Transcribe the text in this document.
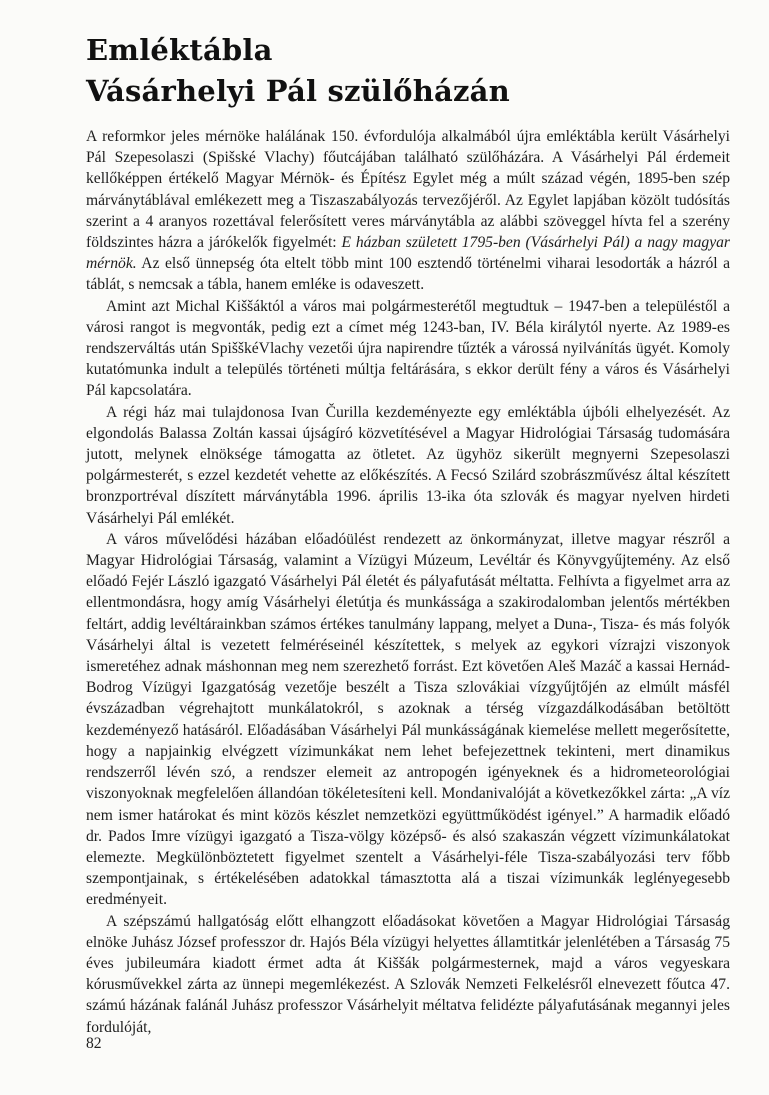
Emléktábla
Vásárhelyi Pál szülőházán

A reformkor jeles mérnöke halálának 150. évfordulója alkalmából újra emléktábla került Vásárhelyi Pál Szepesolaszi (Spišské Vlachy) főutcájában található szülőházára. A Vásárhelyi Pál érdemeit kellőképpen értékelő Magyar Mérnök- és Építész Egylet még a múlt század végén, 1895-ben szép márványtáblával emlékezett meg a Tiszaszabályozás tervezőjéről. Az Egylet lapjában közölt tudósítás szerint a 4 aranyos rozettával felerősített veres márványtábla az alábbi szöveggel hívta fel a szerény földszintes házra a járókelők figyelmét: E házban született 1795-ben (Vásárhelyi Pál) a nagy magyar mérnök. Az első ünnepség óta eltelt több mint 100 esztendő történelmi viharai lesodorták a házról a táblát, s nemcsak a tábla, hanem emléke is odaveszett.

Amint azt Michal Kiššáktól a város mai polgármesterétől megtudtuk – 1947-ben a településtől a városi rangot is megvonták, pedig ezt a címet még 1243-ban, IV. Béla királytól nyerte. Az 1989-es rendszerváltás után SpišškéVlachy vezetői újra napirendre tűzték a várossá nyilvánítás ügyét. Komoly kutatómunka indult a település történeti múltja feltárására, s ekkor derült fény a város és Vásárhelyi Pál kapcsolatára.

A régi ház mai tulajdonosa Ivan Čurilla kezdeményezte egy emléktábla újbóli elhelyezését. Az elgondolás Balassa Zoltán kassai újságíró közvetítésével a Magyar Hidrológiai Társaság tudomására jutott, melynek elnöksége támogatta az ötletet. Az ügyhöz sikerült megnyerni Szepesolaszi polgármesterét, s ezzel kezdetét vehette az előkészítés. A Fecsó Szilárd szobrászművész által készített bronzportréval díszített márványtábla 1996. április 13-ika óta szlovák és magyar nyelven hirdeti Vásárhelyi Pál emlékét.

A város művelődési házában előadóülést rendezett az önkormányzat, illetve magyar részről a Magyar Hidrológiai Társaság, valamint a Vízügyi Múzeum, Levéltár és Könyvgyűjtemény. Az első előadó Fejér László igazgató Vásárhelyi Pál életét és pályafutását méltatta. Felhívta a figyelmet arra az ellentmondásra, hogy amíg Vásárhelyi életútja és munkássága a szakirodalomban jelentős mértékben feltárt, addig levéltárainkban számos értékes tanulmány lappang, melyet a Duna-, Tisza- és más folyók Vásárhelyi által is vezetett felméréseinél készítettek, s melyek az egykori vízrajzi viszonyok ismeretéhez adnak máshonnan meg nem szerezhető forrást. Ezt követően Aleš Mazáč a kassai Hernád-Bodrog Vízügyi Igazgatóság vezetője beszélt a Tisza szlovákiai vízgyűjtőjén az elmúlt másfél évszázadban végrehajtott munkálatokról, s azoknak a térség vízgazdálkodásában betöltött kezdeményező hatásáról. Előadásában Vásárhelyi Pál munkásságának kiemelése mellett megerősítette, hogy a napjainkig elvégzett vízimunkákat nem lehet befejezettnek tekinteni, mert dinamikus rendszerről lévén szó, a rendszer elemeit az antropogén igényeknek és a hidrometeorológiai viszonyoknak megfelelően állandóan tökéletesíteni kell. Mondanivalóját a következőkkel zárta: „A víz nem ismer határokat és mint közös készlet nemzetközi együttműködést igényel.” A harmadik előadó dr. Pados Imre vízügyi igazgató a Tisza-völgy középső- és alsó szakaszán végzett vízimunkálatokat elemezte. Megkülönböztetett figyelmet szentelt a Vásárhelyi-féle Tisza-szabályozási terv főbb szempontjainak, s értékelésében adatokkal támasztotta alá a tiszai vízimunkák leglényegesebb eredményeit.

A szépszámú hallgatóság előtt elhangzott előadásokat követően a Magyar Hidrológiai Társaság elnöke Juhász József professzor dr. Hajós Béla vízügyi helyettes államtitkár jelenlétében a Társaság 75 éves jubileumára kiadott érmet adta át Kiššák polgármesternek, majd a város vegyeskara kórusművekkel zárta az ünnepi megemlékezést. A Szlovák Nemzeti Felkelésről elnevezett főutca 47. számú házának falánál Juhász professzor Vásárhelyit méltatva felidézte pályafutásának megannyi jeles fordulóját,

82
